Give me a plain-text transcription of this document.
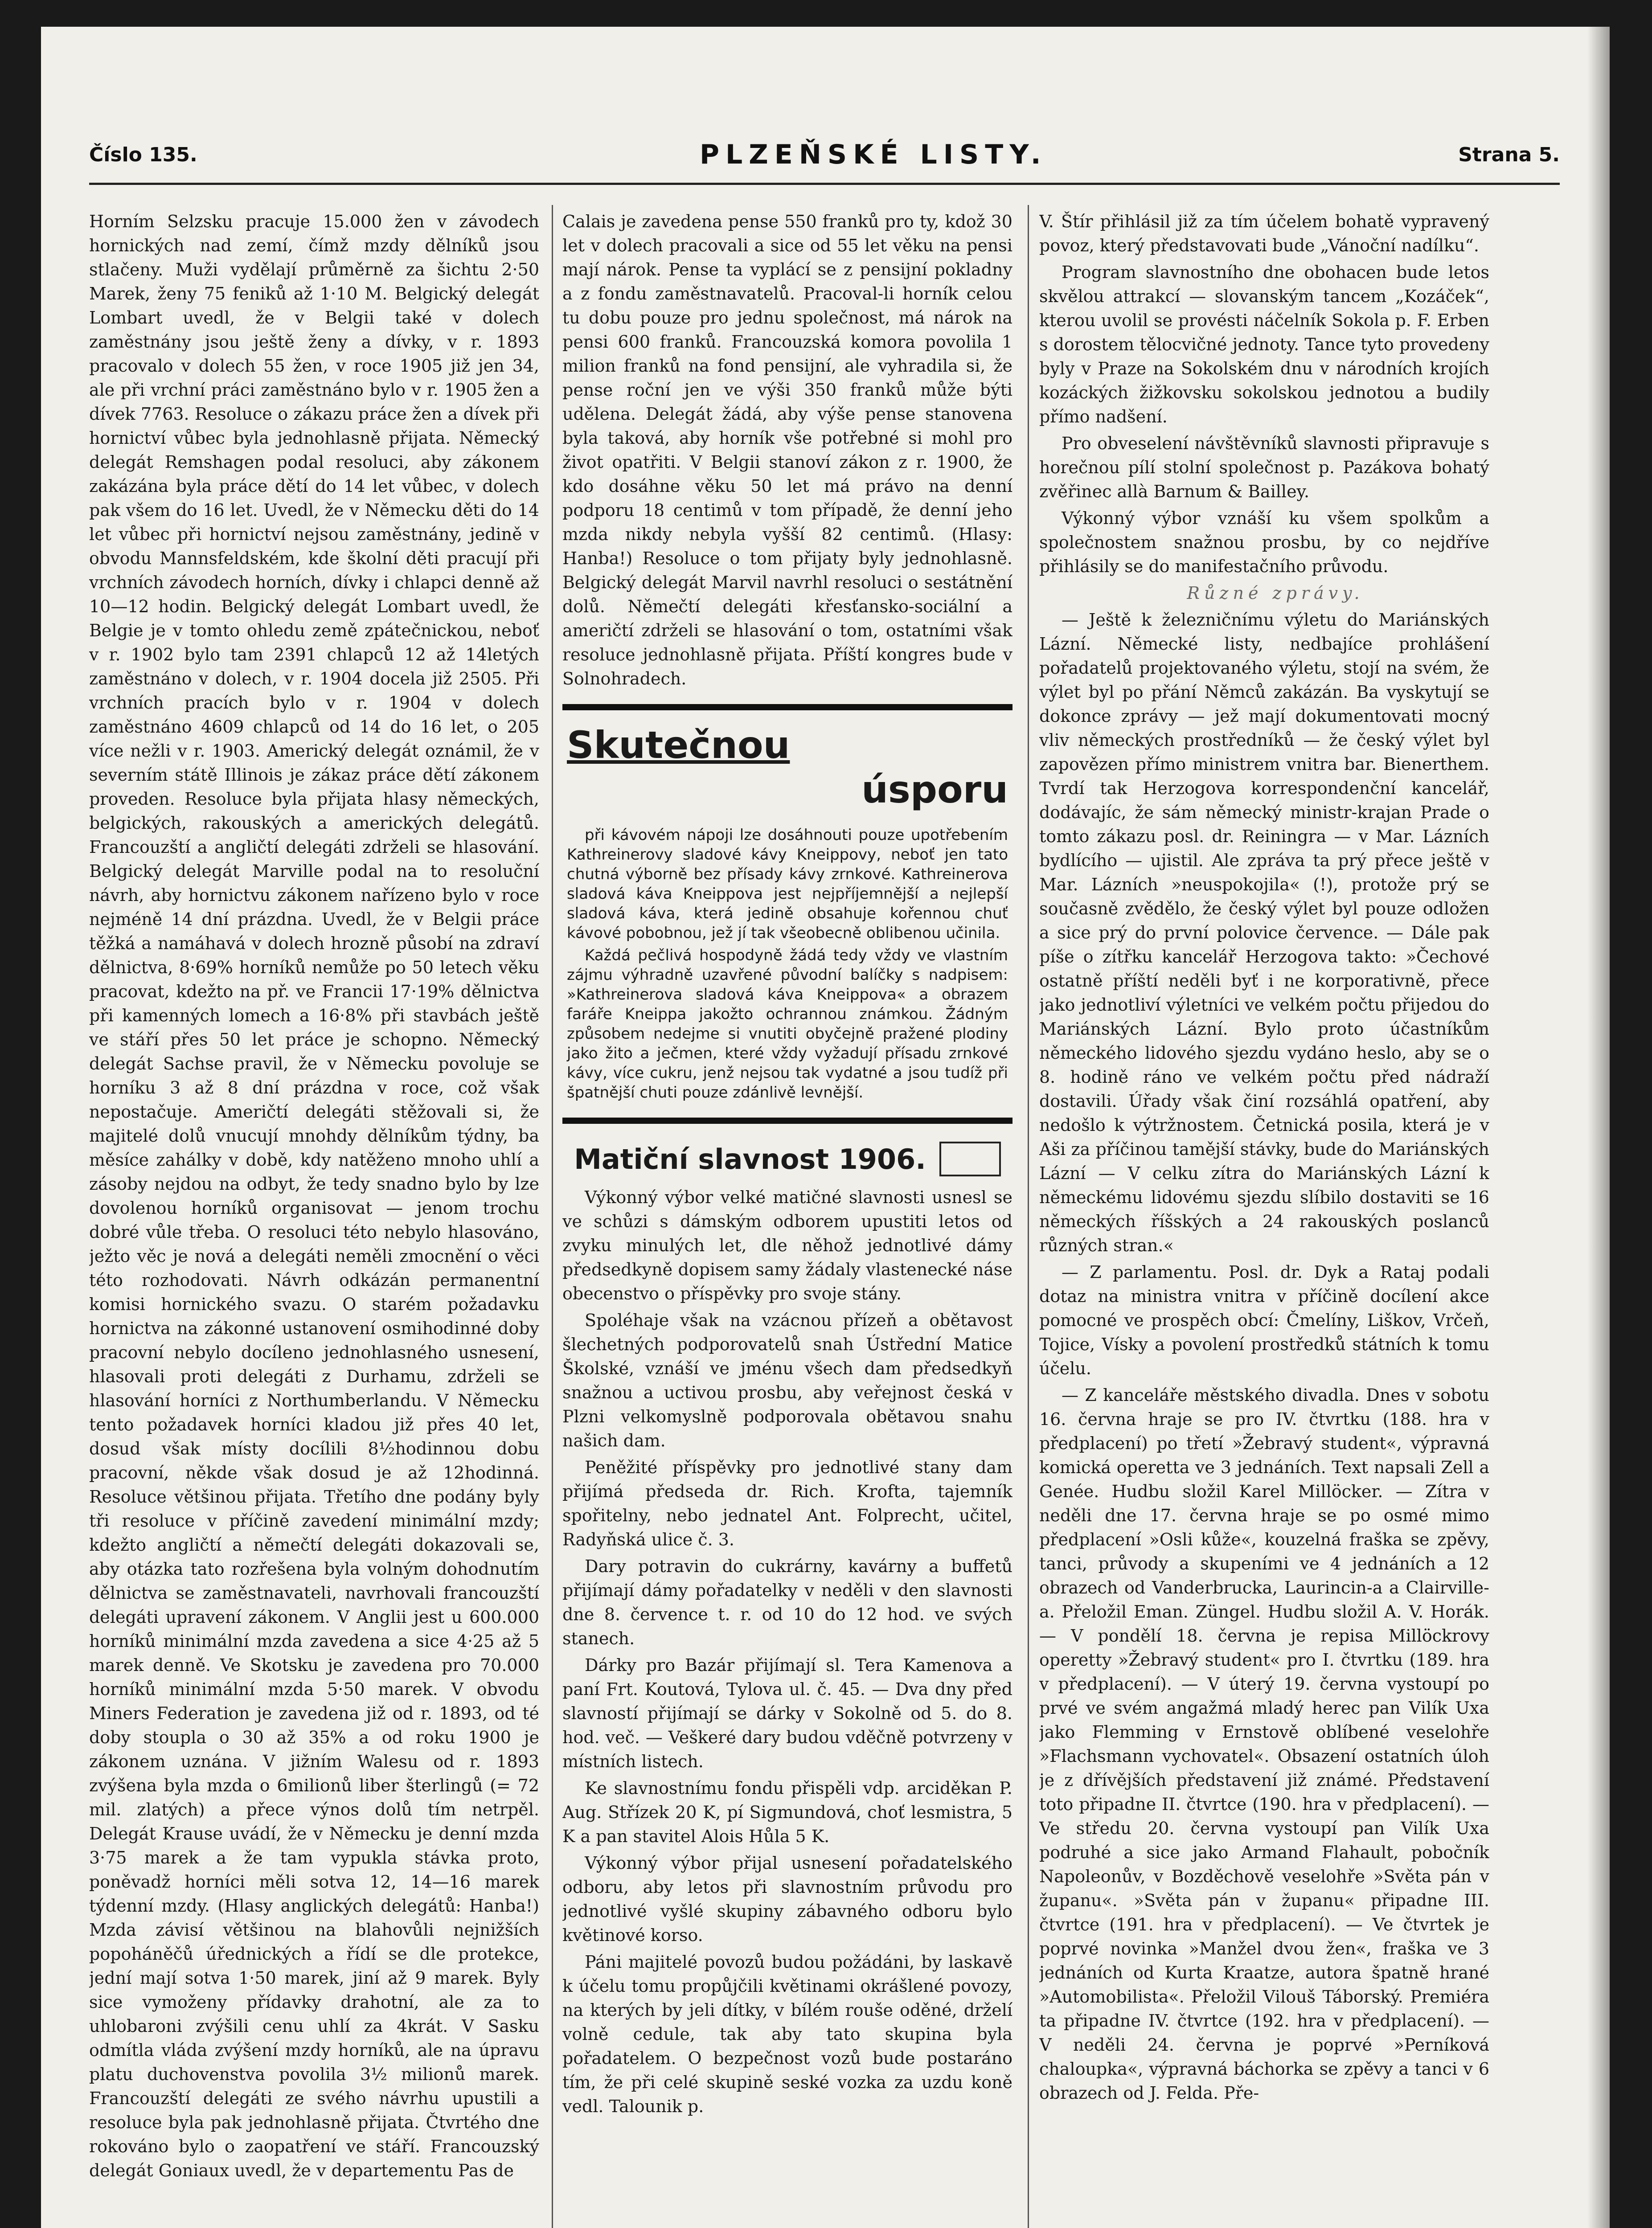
Číslo 135.	PLZEŇSKÉ LISTY.	Strana 5.

Horním Selzsku pracuje 15.000 žen v závodech hornických nad zemí, čímž mzdy dělníků jsou stlačeny. Muži vydělají průměrně za šichtu 2·50 Marek, ženy 75 feniků až 1·10 M. Belgický delegát Lombart uvedl, že v Belgii také v dolech zaměstnány jsou ještě ženy a dívky, v r. 1893 pracovalo v dolech 55 žen, v roce 1905 již jen 34, ale při vrchní práci zaměstnáno bylo v r. 1905 žen a dívek 7763. Resoluce o zákazu práce žen a dívek při hornictví vůbec byla jednohlasně přijata. Německý delegát Remshagen podal resoluci, aby zákonem zakázána byla práce dětí do 14 let vůbec, v dolech pak všem do 16 let. Uvedl, že v Německu děti do 14 let vůbec při hornictví nejsou zaměstnány, jedině v obvodu Mannsfeldském, kde školní děti pracují při vrchních závodech horních, dívky i chlapci denně až 10—12 hodin. Belgický delegát Lombart uvedl, že Belgie je v tomto ohledu země zpátečnickou, neboť v r. 1902 bylo tam 2391 chlapců 12 až 14letých zaměstnáno v dolech, v r. 1904 docela již 2505. Při vrchních pracích bylo v r. 1904 v dolech zaměstnáno 4609 chlapců od 14 do 16 let, o 205 více nežli v r. 1903. Americký delegát oznámil, že v severním státě Illinois je zákaz práce dětí zákonem proveden. Resoluce byla přijata hlasy německých, belgických, rakouských a amerických delegátů. Francouzští a angličtí delegáti zdrželi se hlasování. Belgický delegát Marville podal na to resoluční návrh, aby hornictvu zákonem nařízeno bylo v roce nejméně 14 dní prázdna. Uvedl, že v Belgii práce těžká a namáhavá v dolech hrozně působí na zdraví dělnictva, 8·69% horníků nemůže po 50 letech věku pracovat, kdežto na př. ve Francii 17·19% dělnictva při kamenných lomech a 16·8% při stavbách ještě ve stáří přes 50 let práce je schopno. Německý delegát Sachse pravil, že v Německu povoluje se horníku 3 až 8 dní prázdna v roce, což však nepostačuje. Američtí delegáti stěžovali si, že majitelé dolů vnucují mnohdy dělníkům týdny, ba měsíce zahálky v době, kdy natěženo mnoho uhlí a zásoby nejdou na odbyt, že tedy snadno bylo by lze dovolenou horníků organisovat — jenom trochu dobré vůle třeba. O resoluci této nebylo hlasováno, ježto věc je nová a delegáti neměli zmocnění o věci této rozhodovati. Návrh odkázán permanentní komisi hornického svazu. O starém požadavku hornictva na zákonné ustanovení osmihodinné doby pracovní nebylo docíleno jednohlasného usnesení, hlasovali proti delegáti z Durhamu, zdrželi se hlasování horníci z Northumberlandu. V Německu tento požadavek horníci kladou již přes 40 let, dosud však místy docílili 8½hodinnou dobu pracovní, někde však dosud je až 12hodinná. Resoluce většinou přijata. Třetího dne podány byly tři resoluce v příčině zavedení minimální mzdy; kdežto angličtí a němečtí delegáti dokazovali se, aby otázka tato rozřešena byla volným dohodnutím dělnictva se zaměstnavateli, navrhovali francouzští delegáti upravení zákonem. V Anglii jest u 600.000 horníků minimální mzda zavedena a sice 4·25 až 5 marek denně. Ve Skotsku je zavedena pro 70.000 horníků minimální mzda 5·50 marek. V obvodu Miners Federation je zavedena již od r. 1893, od té doby stoupla o 30 až 35% a od roku 1900 je zákonem uznána. V jižním Walesu od r. 1893 zvýšena byla mzda o 6milionů liber šterlingů (= 72 mil. zlatých) a přece výnos dolů tím netrpěl. Delegát Krause uvádí, že v Německu je denní mzda 3·75 marek a že tam vypukla stávka proto, poněvadž horníci měli sotva 12, 14—16 marek týdenní mzdy. (Hlasy anglických delegátů: Hanba!) Mzda závisí většinou na blahovůli nejnižších popoháněčů úřednických a řídí se dle protekce, jední mají sotva 1·50 marek, jiní až 9 marek. Byly sice vymoženy přídavky drahotní, ale za to uhlobaroni zvýšili cenu uhlí za 4krát. V Sasku odmítla vláda zvýšení mzdy horníků, ale na úpravu platu duchovenstva povolila 3½ milionů marek. Francouzští delegáti ze svého návrhu upustili a resoluce byla pak jednohlasně přijata. Čtvrtého dne rokováno bylo o zaopatření ve stáří. Francouzský delegát Goniaux uvedl, že v departementu Pas de

Calais je zavedena pense 550 franků pro ty, kdož 30 let v dolech pracovali a sice od 55 let věku na pensi mají nárok. Pense ta vyplácí se z pensijní pokladny a z fondu zaměstnavatelů. Pracoval-li horník celou tu dobu pouze pro jednu společnost, má nárok na pensi 600 franků. Francouzská komora povolila 1 milion franků na fond pensijní, ale vyhradila si, že pense roční jen ve výši 350 franků může býti udělena. Delegát žádá, aby výše pense stanovena byla taková, aby horník vše potřebné si mohl pro život opatřiti. V Belgii stanoví zákon z r. 1900, že kdo dosáhne věku 50 let má právo na denní podporu 18 centimů v tom případě, že denní jeho mzda nikdy nebyla vyšší 82 centimů. (Hlasy: Hanba!) Resoluce o tom přijaty byly jednohlasně. Belgický delegát Marvil navrhl resoluci o sestátnění dolů. Němečtí delegáti křesťansko-sociální a američtí zdrželi se hlasování o tom, ostatními však resoluce jednohlasně přijata. Příští kongres bude v Solnohradech.

Skutečnou
úsporu

při kávovém nápoji lze dosáhnouti pouze upotřebením Kathreinerovy sladové kávy Kneippovy, neboť jen tato chutná výborně bez přísady kávy zrnkové. Kathreinerova sladová káva Kneippova jest nejpříjemnější a nejlepší sladová káva, která jedině obsahuje kořennou chuť kávové pobobnou, jež jí tak všeobecně oblibenou učinila.

Každá pečlivá hospodyně žádá tedy vždy ve vlastním zájmu výhradně uzavřené původní balíčky s nadpisem: »Kathreinerova sladová káva Kneippova« a obrazem faráře Kneippa jakožto ochrannou známkou. Žádným způsobem nedejme si vnutiti obyčejně pražené plodiny jako žito a ječmen, které vždy vyžadují přísadu zrnkové kávy, více cukru, jenž nejsou tak vydatné a jsou tudíž při špatnější chuti pouze zdánlivě levnější.

Matiční slavnost 1906.

Výkonný výbor velké matičné slavnosti usnesl se ve schůzi s dámským odborem upustiti letos od zvyku minulých let, dle něhož jednotlivé dámy předsedkyně dopisem samy žádaly vlastenecké náse obecenstvo o příspěvky pro svoje stány.

Spoléhaje však na vzácnou přízeň a obětavost šlechetných podporovatelů snah Ústřední Matice Školské, vznáší ve jménu všech dam předsedkyň snažnou a uctivou prosbu, aby veřejnost česká v Plzni velkomyslně podporovala obětavou snahu našich dam.

Peněžité příspěvky pro jednotlivé stany dam přijímá předseda dr. Rich. Krofta, tajemník spořitelny, nebo jednatel Ant. Folprecht, učitel, Radyňská ulice č. 3.

Dary potravin do cukrárny, kavárny a buffetů přijímají dámy pořadatelky v neděli v den slavnosti dne 8. července t. r. od 10 do 12 hod. ve svých stanech.

Dárky pro Bazár přijímají sl. Tera Kamenova a paní Frt. Koutová, Tylova ul. č. 45. — Dva dny před slavností přijímají se dárky v Sokolně od 5. do 8. hod. več. — Veškeré dary budou vděčně potvrzeny v místních listech.

Ke slavnostnímu fondu přispěli vdp. arciděkan P. Aug. Střízek 20 K, pí Sigmundová, choť lesmistra, 5 K a pan stavitel Alois Hůla 5 K.

Výkonný výbor přijal usnesení pořadatelského odboru, aby letos při slavnostním průvodu pro jednotlivé vyšlé skupiny zábavného odboru bylo květinové korso.

Páni majitelé povozů budou požádáni, by laskavě k účelu tomu propůjčili květinami okrášlené povozy, na kterých by jeli dítky, v bílém rouše oděné, drželí volně cedule, tak aby tato skupina byla pořadatelem. O bezpečnost vozů bude postaráno tím, že při celé skupině seské vozka za uzdu koně vedl. Talounik p.

V. Štír přihlásil již za tím účelem bohatě vypravený povoz, který představovati bude „Vánoční nadílku“.

Program slavnostního dne obohacen bude letos skvělou attrakcí — slovanským tancem „Kozáček“, kterou uvolil se provésti náčelník Sokola p. F. Erben s dorostem tělocvičné jednoty. Tance tyto provedeny byly v Praze na Sokolském dnu v národních krojích kozáckých žižkovsku sokolskou jednotou a budily přímo nadšení.

Pro obveselení návštěvníků slavnosti připravuje s horečnou pílí stolní společnost p. Pazákova bohatý zvěřinec allà Barnum & Bailley.

Výkonný výbor vznáší ku všem spolkům a společnostem snažnou prosbu, by co nejdříve přihlásily se do manifestačního průvodu.

Různé zprávy.

— Ještě k železničnímu výletu do Mariánských Lázní. Německé listy, nedbajíce prohlášení pořadatelů projektovaného výletu, stojí na svém, že výlet byl po přání Němců zakázán. Ba vyskytují se dokonce zprávy — jež mají dokumentovati mocný vliv německých prostředníků — že český výlet byl zapovězen přímo ministrem vnitra bar. Bienerthem. Tvrdí tak Herzogova korrespondenční kancelář, dodávajíc, že sám německý ministr-krajan Prade o tomto zákazu posl. dr. Reiningra — v Mar. Lázních bydlícího — ujistil. Ale zpráva ta prý přece ještě v Mar. Lázních »neuspokojila« (!), protože prý se současně zvědělo, že český výlet byl pouze odložen a sice prý do první polovice července. — Dále pak píše o zítřku kancelář Herzogova takto: »Čechové ostatně příští neděli byť i ne korporativně, přece jako jednotliví výletníci ve velkém počtu přijedou do Mariánských Lázní. Bylo proto účastníkům německého lidového sjezdu vydáno heslo, aby se o 8. hodině ráno ve velkém počtu před nádraží dostavili. Úřady však činí rozsáhlá opatření, aby nedošlo k výtržnostem. Četnická posila, která je v Aši za příčinou tamější stávky, bude do Mariánských Lázní — V celku zítra do Mariánských Lázní k německému lidovému sjezdu slíbilo dostaviti se 16 německých říšských a 24 rakouských poslanců různých stran.«

— Z parlamentu. Posl. dr. Dyk a Rataj podali dotaz na ministra vnitra v příčině docílení akce pomocné ve prospěch obcí: Čmelíny, Liškov, Vrčeň, Tojice, Vísky a povolení prostředků státních k tomu účelu.

— Z kanceláře městského divadla. Dnes v sobotu 16. června hraje se pro IV. čtvrtku (188. hra v předplacení) po třetí »Žebravý student«, výpravná komická operetta ve 3 jednáních. Text napsali Zell a Genée. Hudbu složil Karel Millöcker. — Zítra v neděli dne 17. června hraje se po osmé mimo předplacení »Osli kůže«, kouzelná fraška se zpěvy, tanci, průvody a skupeními ve 4 jednáních a 12 obrazech od Vanderbrucka, Laurincin-a a Clairville-a. Přeložil Eman. Züngel. Hudbu složil A. V. Horák. — V pondělí 18. června je repisa Millöckrovy operetty »Žebravý student« pro I. čtvrtku (189. hra v předplacení). — V úterý 19. června vystoupí po prvé ve svém angažmá mladý herec pan Vilík Uxa jako Flemming v Ernstově oblíbené veselohře »Flachsmann vychovatel«. Obsazení ostatních úloh je z dřívějších představení již známé. Představení toto připadne II. čtvrtce (190. hra v předplacení). — Ve středu 20. června vystoupí pan Vilík Uxa podruhé a sice jako Armand Flahault, pobočník Napoleonův, v Bozděchově veselohře »Světa pán v županu«. »Světa pán v županu« připadne III. čtvrtce (191. hra v předplacení). — Ve čtvrtek je poprvé novinka »Manžel dvou žen«, fraška ve 3 jednáních od Kurta Kraatze, autora špatně hrané »Automobilista«. Přeložil Vilouš Táborský. Premiéra ta připadne IV. čtvrtce (192. hra v předplacení). — V neděli 24. června je poprvé »Perníková chaloupka«, výpravná báchorka se zpěvy a tanci v 6 obrazech od J. Felda. Pře-
